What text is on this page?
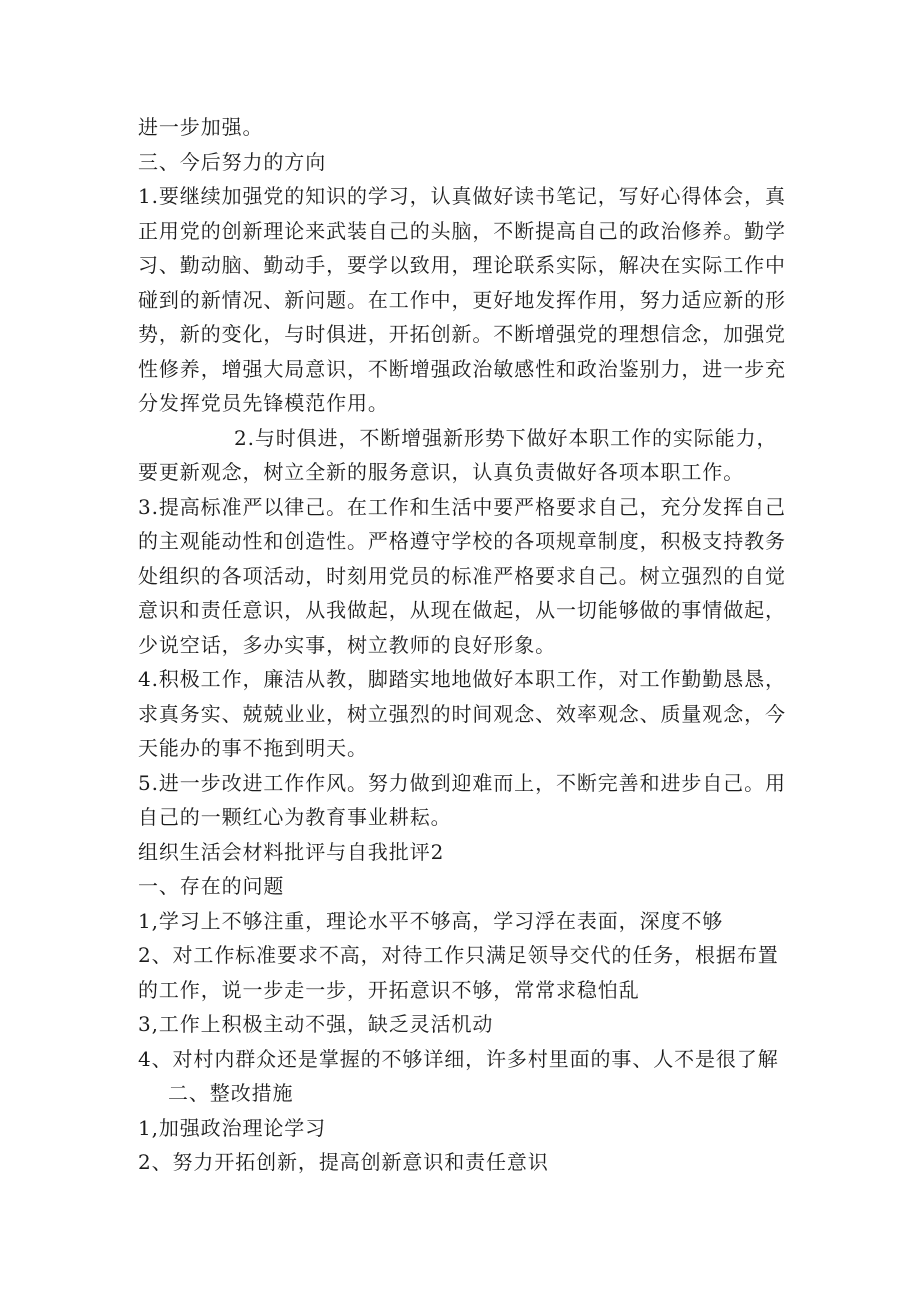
进一步加强。

三、今后努力的方向

1.要继续加强党的知识的学习，认真做好读书笔记，写好心得体会，真正用党的创新理论来武装自己的头脑，不断提高自己的政治修养。勤学习、勤动脑、勤动手，要学以致用，理论联系实际，解决在实际工作中碰到的新情况、新问题。在工作中，更好地发挥作用，努力适应新的形势，新的变化，与时俱进，开拓创新。不断增强党的理想信念，加强党性修养，增强大局意识，不断增强政治敏感性和政治鉴别力，进一步充分发挥党员先锋模范作用。

2.与时俱进，不断增强新形势下做好本职工作的实际能力，要更新观念，树立全新的服务意识，认真负责做好各项本职工作。

3.提高标准严以律己。在工作和生活中要严格要求自己，充分发挥自己的主观能动性和创造性。严格遵守学校的各项规章制度，积极支持教务处组织的各项活动，时刻用党员的标准严格要求自己。树立强烈的自觉意识和责任意识，从我做起，从现在做起，从一切能够做的事情做起，少说空话，多办实事，树立教师的良好形象。

4.积极工作，廉洁从教，脚踏实地地做好本职工作，对工作勤勤恳恳，求真务实、兢兢业业，树立强烈的时间观念、效率观念、质量观念，今天能办的事不拖到明天。

5.进一步改进工作作风。努力做到迎难而上，不断完善和进步自己。用自己的一颗红心为教育事业耕耘。

组织生活会材料批评与自我批评2

一、存在的问题

1,学习上不够注重，理论水平不够高，学习浮在表面，深度不够

2、对工作标准要求不高，对待工作只满足领导交代的任务，根据布置的工作，说一步走一步，开拓意识不够，常常求稳怕乱

3,工作上积极主动不强，缺乏灵活机动

4、对村内群众还是掌握的不够详细，许多村里面的事、人不是很了解

二、整改措施

1,加强政治理论学习

2、努力开拓创新，提高创新意识和责任意识
